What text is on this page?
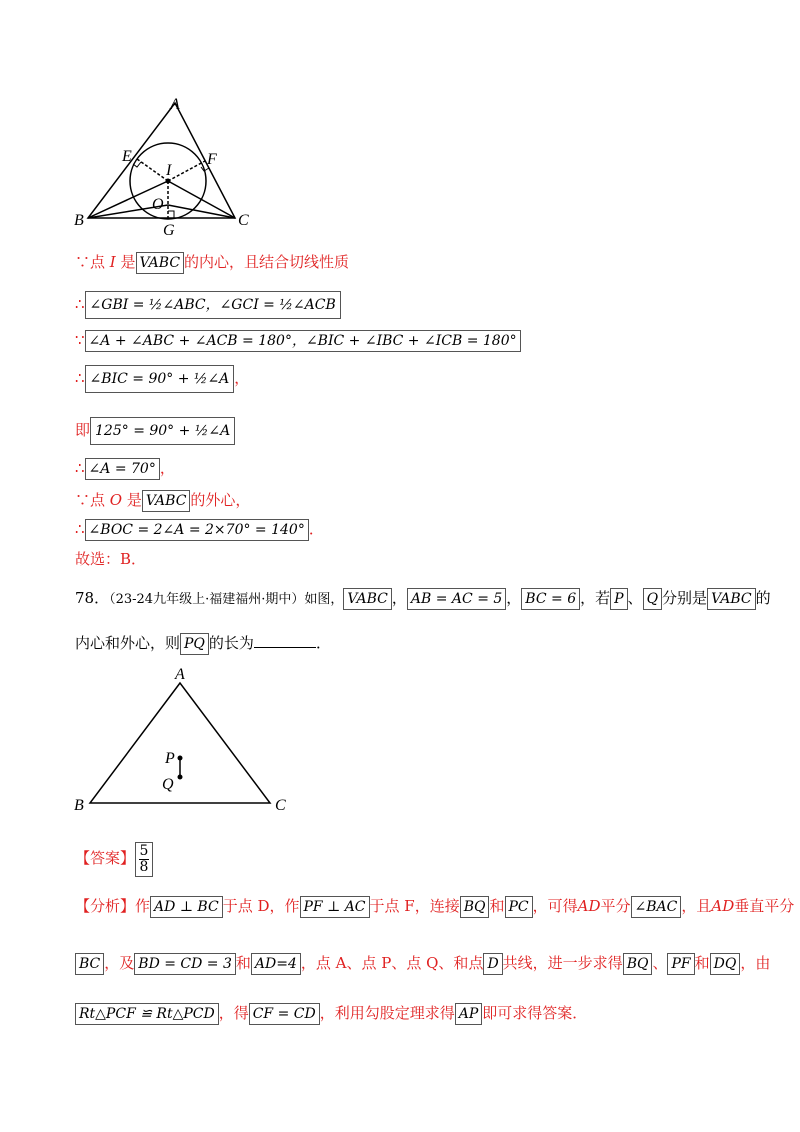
A
E	F
I
O
B
G
C
∵点 I 是 VABC 的内心，且结合切线性质
∴ ∠GBI = ½∠ABC，∠GCI = ½∠ACB
∵ ∠A + ∠ABC + ∠ACB = 180°，∠BIC + ∠IBC + ∠ICB = 180°
∴ ∠BIC = 90° + ½∠A ，
即 125° = 90° + ½∠A
∴ ∠A = 70° ，
∵点 O 是 VABC 的外心，
∴ ∠BOC = 2∠A = 2×70° = 140° ．
故选：B．
78．（23-24九年级上·福建福州·期中）如图， VABC ， AB = AC = 5 ， BC = 6 ，若 P 、 Q 分别是 VABC 的
内心和外心，则 PQ 的长为	．
A
P
Q
B	C
【答案】 $\frac{5}{8}$
【分析】作 AD ⊥ BC 于点 D，作 PF ⊥ AC 于点 F，连接 BQ 和 PC ，可得AD平分 ∠BAC ，且AD垂直平分
BC ，及 BD = CD = 3 和 AD=4 ，点 A、点 P、点 Q、和点 D 共线，进一步求得 BQ 、 PF 和 DQ ，由
Rt△PCF ≌ Rt△PCD ，得 CF = CD ，利用勾股定理求得 AP 即可求得答案．
